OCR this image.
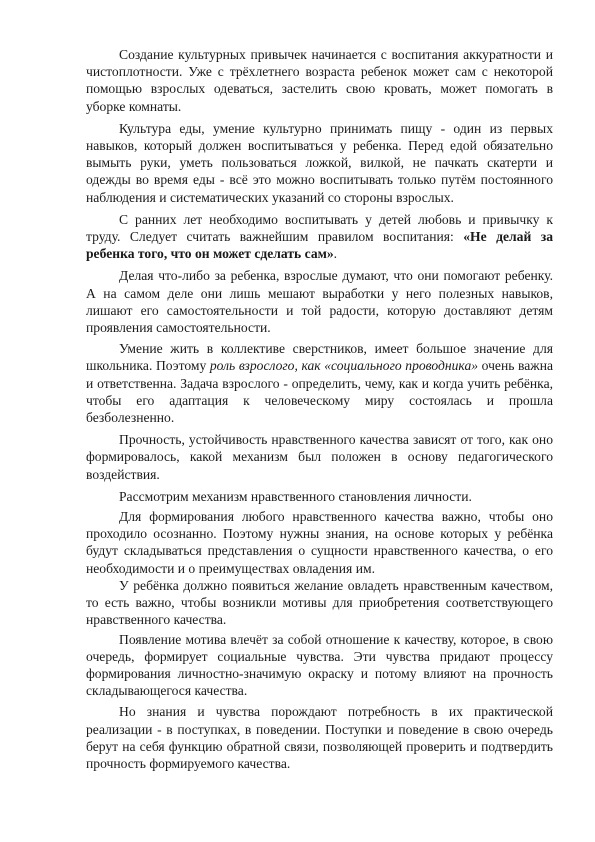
Создание культурных привычек начинается с воспитания аккуратности и чистоплотности. Уже с трёхлетнего возраста ребенок может сам с некоторой помощью взрослых одеваться, застелить свою кровать, может помогать в уборке комнаты.

Культура еды, умение культурно принимать пищу - один из первых навыков, который должен воспитываться у ребенка. Перед едой обязательно вымыть руки, уметь пользоваться ложкой, вилкой, не пачкать скатерти и одежды во время еды - всё это можно воспитывать только путём постоянного наблюдения и систематических указаний со стороны взрослых.

С ранних лет необходимо воспитывать у детей любовь и привычку к труду. Следует считать важнейшим правилом воспитания: «Не делай за ребенка того, что он может сделать сам».

Делая что-либо за ребенка, взрослые думают, что они помогают ребенку. А на самом деле они лишь мешают выработки у него полезных навыков, лишают его самостоятельности и той радости, которую доставляют детям проявления самостоятельности.

Умение жить в коллективе сверстников, имеет большое значение для школьника. Поэтому роль взрослого, как «социального проводника» очень важна и ответственна. Задача взрослого - определить, чему, как и когда учить ребёнка, чтобы его адаптация к человеческому миру состоялась и прошла безболезненно.

Прочность, устойчивость нравственного качества зависят от того, как оно формировалось, какой механизм был положен в основу педагогического воздействия.

Рассмотрим механизм нравственного становления личности.

Для формирования любого нравственного качества важно, чтобы оно проходило осознанно. Поэтому нужны знания, на основе которых у ребёнка будут складываться представления о сущности нравственного качества, о его необходимости и о преимуществах овладения им.

У ребёнка должно появиться желание овладеть нравственным качеством, то есть важно, чтобы возникли мотивы для приобретения соответствующего нравственного качества.

Появление мотива влечёт за собой отношение к качеству, которое, в свою очередь, формирует социальные чувства. Эти чувства придают процессу формирования личностно-значимую окраску и потому влияют на прочность складывающегося качества.

Но знания и чувства порождают потребность в их практической реализации - в поступках, в поведении. Поступки и поведение в свою очередь берут на себя функцию обратной связи, позволяющей проверить и подтвердить прочность формируемого качества.
